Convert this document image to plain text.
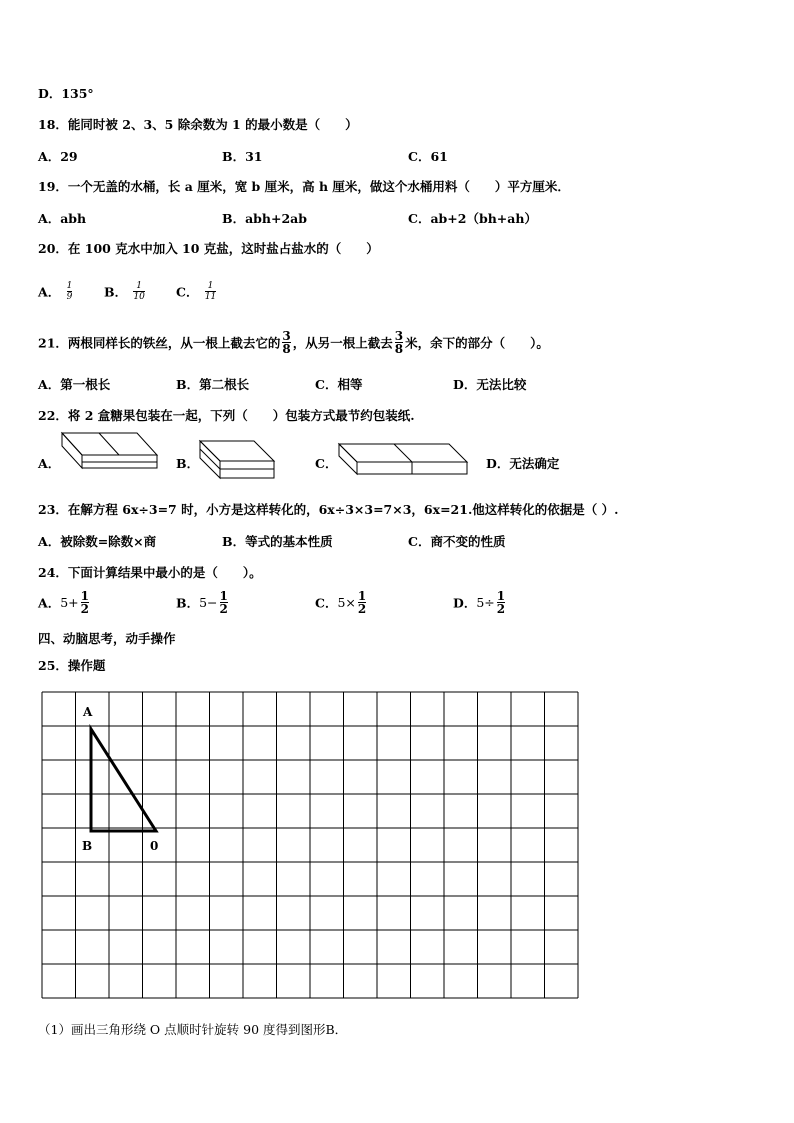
D．135°
18．能同时被 2、3、5 除余数为 1 的最小数是（　　）
A．29	B．31	C．61
19．一个无盖的水桶，长 a 厘米，宽 b 厘米，高 h 厘米，做这个水桶用料（　　）平方厘米．
A．abh	B．abh+2ab	C．ab+2（bh+ah）
20．在 100 克水中加入 10 克盐，这时盐占盐水的（　　）
A． $\frac{1}{9}$	B． $\frac{1}{10}$ C． $\frac{1}{11}$
21．两根同样长的铁丝，从一根上截去它的 $\frac{3}{8}$ ，从另一根上截去 $\frac{3}{8}$ 米，余下的部分（　　）。
A．第一根长	B．第二根长	C．相等	D．无法比较
22．将 2 盒糖果包装在一起，下列（　　）包装方式最节约包装纸.
A．	B．	C．	D．无法确定
23．在解方程 6x÷3=7 时，小方是这样转化的，6x÷3×3=7×3，6x=21.他这样转化的依据是（ ）.
A．被除数=除数×商	B．等式的基本性质	C．商不变的性质
24．下面计算结果中最小的是（　　）。
A．$5+ \frac{1}{2}$	B．$5- \frac{1}{2}$	C．$5\times \frac{1}{2}$	D．$5\div \frac{1}{2}$
四、动脑思考，动手操作
25．操作题
A
B	0
（1）画出三角形绕 O 点顺时针旋转 90 度得到图形B．
